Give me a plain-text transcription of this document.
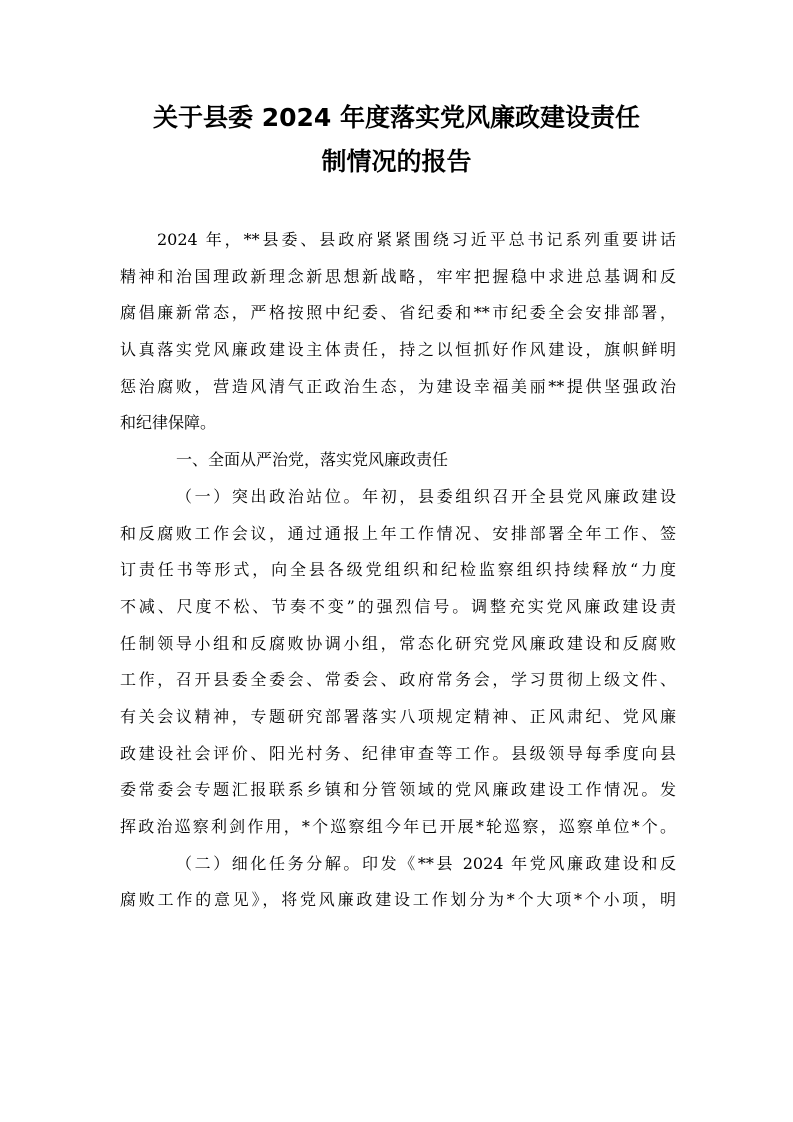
关于县委 2024 年度落实党风廉政建设责任
制情况的报告
2024 年，**县委、县政府紧紧围绕习近平总书记系列重要讲话
精神和治国理政新理念新思想新战略，牢牢把握稳中求进总基调和反
腐倡廉新常态，严格按照中纪委、省纪委和**市纪委全会安排部署，
认真落实党风廉政建设主体责任，持之以恒抓好作风建设，旗帜鲜明
惩治腐败，营造风清气正政治生态，为建设幸福美丽**提供坚强政治
和纪律保障。
一、全面从严治党，落实党风廉政责任
（一）突出政治站位。年初，县委组织召开全县党风廉政建设
和反腐败工作会议，通过通报上年工作情况、安排部署全年工作、签
订责任书等形式，向全县各级党组织和纪检监察组织持续释放“力度
不减、尺度不松、节奏不变”的强烈信号。调整充实党风廉政建设责
任制领导小组和反腐败协调小组，常态化研究党风廉政建设和反腐败
工作，召开县委全委会、常委会、政府常务会，学习贯彻上级文件、
有关会议精神，专题研究部署落实八项规定精神、正风肃纪、党风廉
政建设社会评价、阳光村务、纪律审查等工作。县级领导每季度向县
委常委会专题汇报联系乡镇和分管领域的党风廉政建设工作情况。发
挥政治巡察利剑作用，*个巡察组今年已开展*轮巡察，巡察单位*个。
（二）细化任务分解。印发《**县 2024 年党风廉政建设和反
腐败工作的意见》，将党风廉政建设工作划分为*个大项*个小项，明
